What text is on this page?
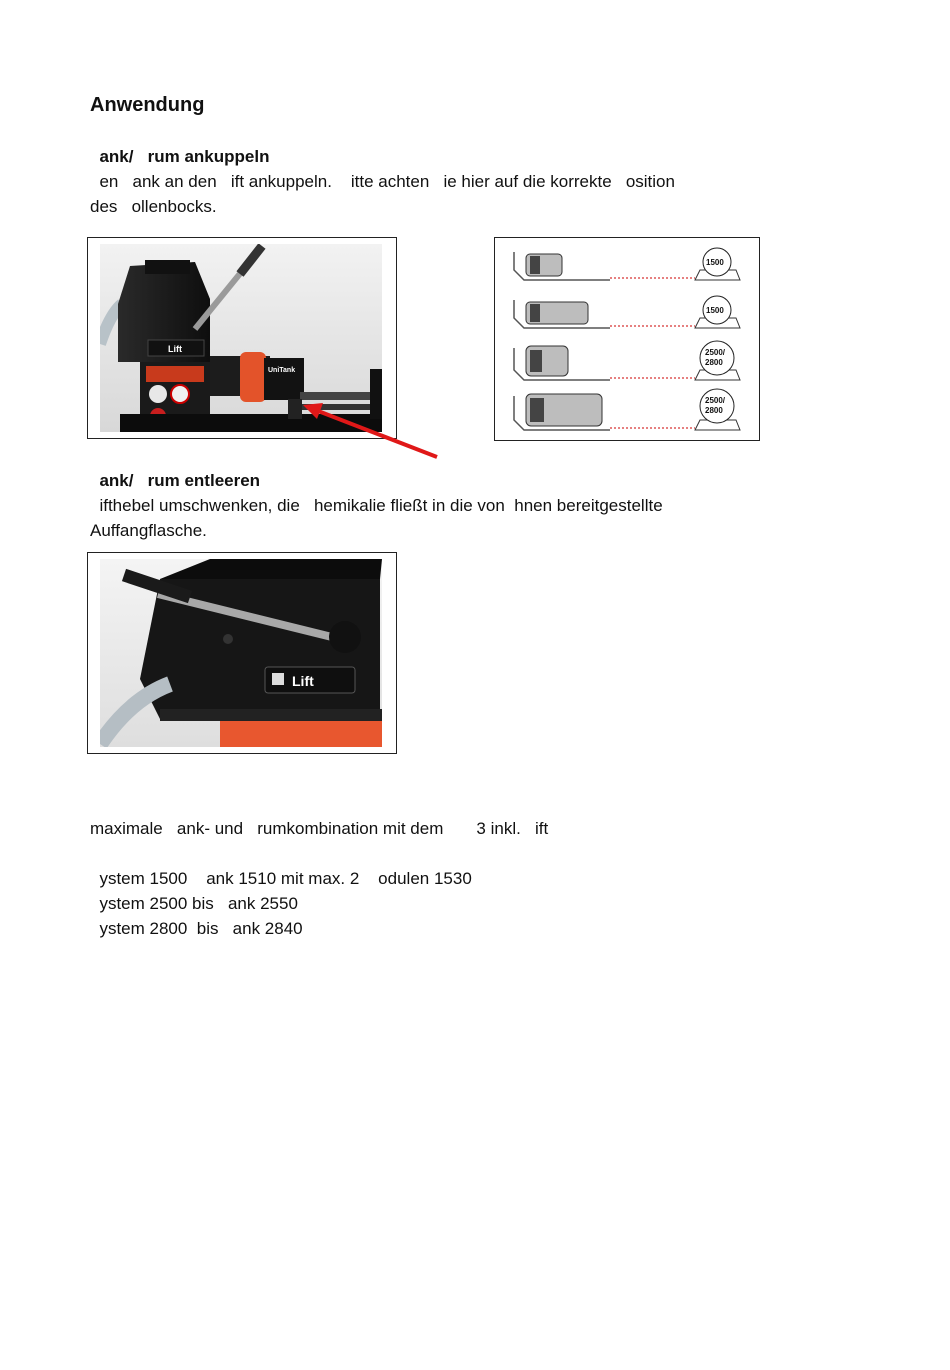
Anwendung
ank/   rum ankuppeln
en   ank an den   ift ankuppeln.    itte achten   ie hier auf die korrekte   osition
des   ollenbocks.
Lift
UniTank
1500
1500
2500/
2800
2500/
2800
ank/   rum entleeren
ifthebel umschwenken, die   hemikalie fließt in die von  hnen bereitgestellte
Auffangflasche.
Lift
maximale   ank- und   rumkombination mit dem       3 inkl.   ift
ystem 1500    ank 1510 mit max. 2    odulen 1530
ystem 2500 bis   ank 2550
ystem 2800  bis   ank 2840
